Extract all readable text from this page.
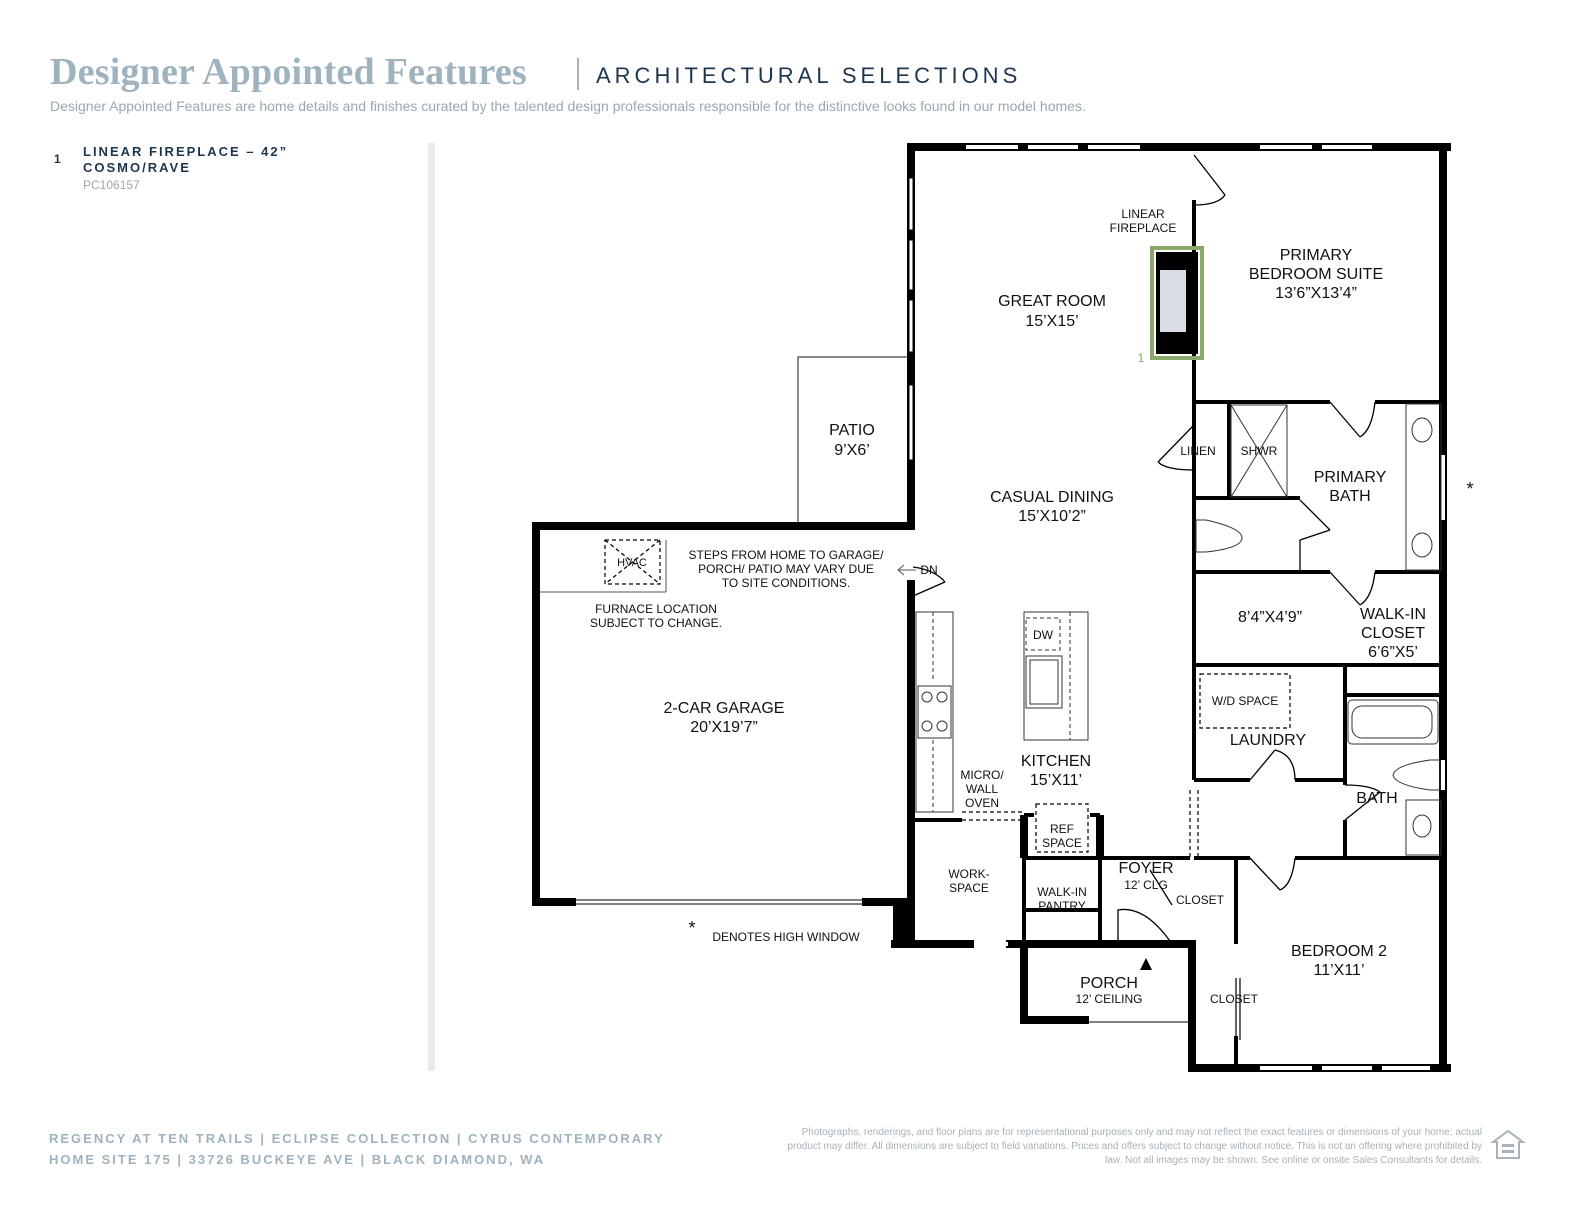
Designer Appointed Features	ARCHITECTURAL SELECTIONS
Designer Appointed Features are home details and finishes curated by the talented design professionals responsible for the distinctive looks found in our model homes.
1 LINEAR FIREPLACE – 42”
COSMO/RAVE
PC106157
LINEAR
FIREPLACE
1
GREAT ROOM
15’X15’
PRIMARY
BEDROOM SUITE
13’6”X13’4”
PATIO
9’X6’
CASUAL DINING
15’X10’2”
LINEN SHWR
PRIMARY
BATH	*
HVAC
STEPS FROM HOME TO GARAGE/
PORCH/ PATIO MAY VARY DUE
TO SITE CONDITIONS.
DN
FURNACE LOCATION
SUBJECT TO CHANGE.	8’4”X4’9”	WALK-IN
CLOSET
6’6”X5’
DW
2-CAR GARAGE
20’X19’7”
W/D SPACE
LAUNDRY
KITCHEN
15’X11’
MICRO/
WALL
OVEN	BATH
REF
SPACE
FOYER
12’ CLG
WORK-
SPACE	WALK-IN
PANTRY	CLOSET
* DENOTES HIGH WINDOW
BEDROOM 2
11’X11’
PORCH
12’ CEILING	CLOSET
REGENCY AT TEN TRAILS | ECLIPSE COLLECTION | CYRUS CONTEMPORARY
HOME SITE 175 | 33726 BUCKEYE AVE | BLACK DIAMOND, WA
Photographs, renderings, and floor plans are for representational purposes only and may not reflect the exact features or dimensions of your home; actual product may differ. All dimensions are subject to field variations. Prices and offers subject to change without notice. This is not an offering where prohibited by law. Not all images may be shown. See online or onsite Sales Consultants for details.
